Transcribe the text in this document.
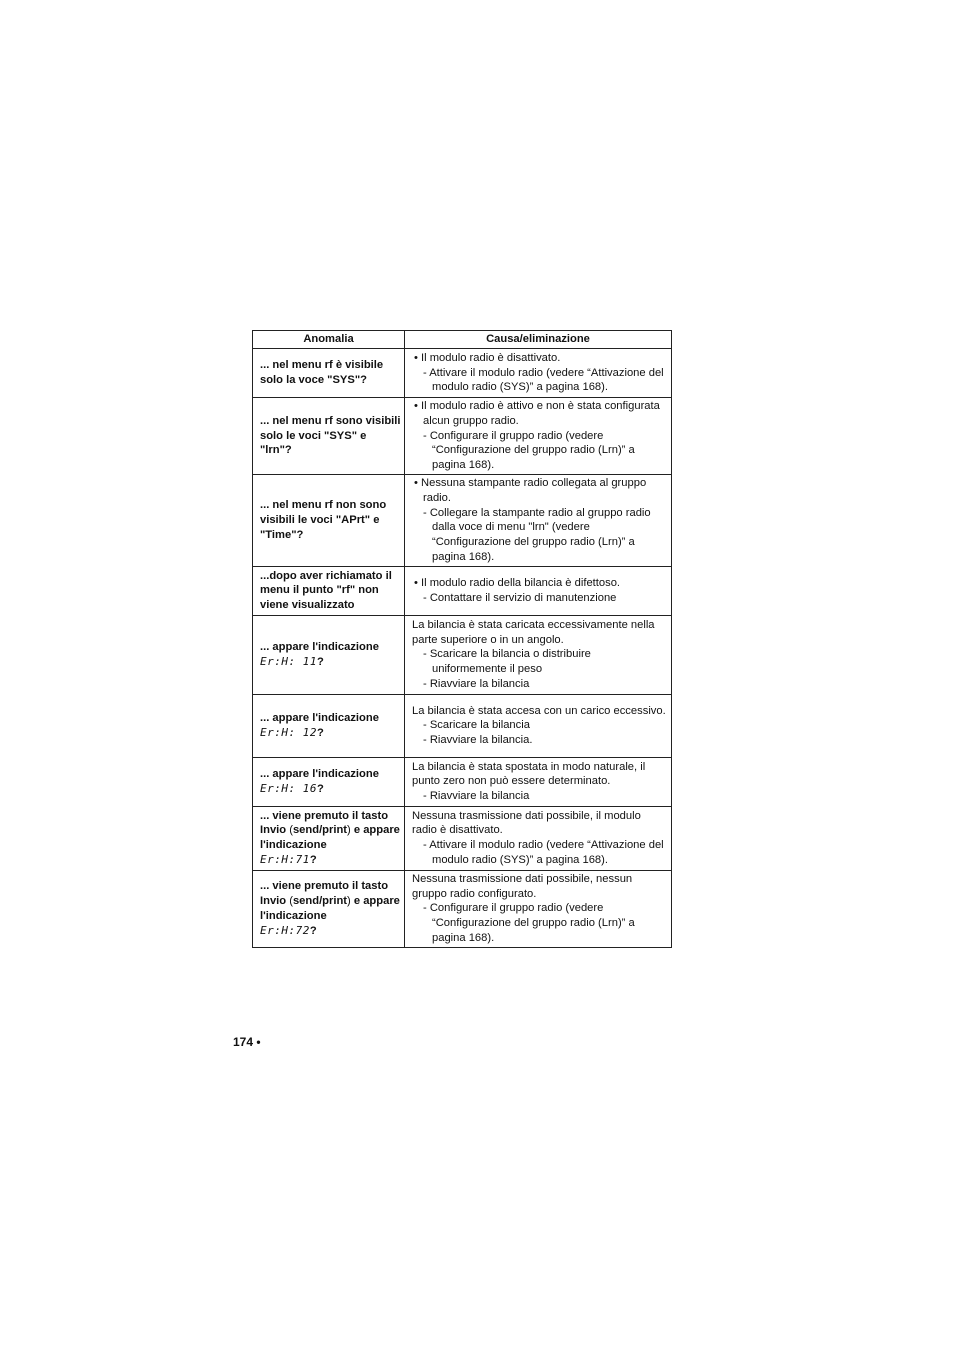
Anomalia	Causa/eliminazione
... nel menu rf è visibile solo la voce "SYS"?	• Il modulo radio è disattivato.
- Attivare il modulo radio (vedere “Attivazione del modulo radio (SYS)” a pagina 168).

... nel menu rf sono visibili solo le voci "SYS" e "lrn"?	• Il modulo radio è attivo e non è stata configurata alcun gruppo radio.
- Configurare il gruppo radio (vedere “Configurazione del gruppo radio (Lrn)” a pagina 168).

... nel menu rf non sono visibili le voci "APrt" e "Time"?	• Nessuna stampante radio collegata al gruppo radio.
- Collegare la stampante radio al gruppo radio dalla voce di menu "lrn" (vedere “Configurazione del gruppo radio (Lrn)” a pagina 168).

...dopo aver richiamato il menu il punto "rf" non viene visualizzato	• Il modulo radio della bilancia è difettoso.
- Contattare il servizio di manutenzione

... appare l'indicazione
Er:H: 11?	La bilancia è stata caricata eccessivamente nella parte superiore o in un angolo.
- Scaricare la bilancia o distribuire uniformemente il peso
- Riavviare la bilancia

... appare l'indicazione
Er:H: 12?	La bilancia è stata accesa con un carico eccessivo.
- Scaricare la bilancia
- Riavviare la bilancia.

... appare l'indicazione
Er:H: 16?	La bilancia è stata spostata in modo naturale, il punto zero non può essere determinato.
- Riavviare la bilancia

... viene premuto il tasto Invio (send/print) e appare l'indicazione
Er:H:71?	Nessuna trasmissione dati possibile, il modulo radio è disattivato.
- Attivare il modulo radio (vedere “Attivazione del modulo radio (SYS)” a pagina 168).

... viene premuto il tasto Invio (send/print) e appare l'indicazione
Er:H:72?	Nessuna trasmissione dati possibile, nessun gruppo radio configurato.
- Configurare il gruppo radio (vedere “Configurazione del gruppo radio (Lrn)” a pagina 168).
174 •
